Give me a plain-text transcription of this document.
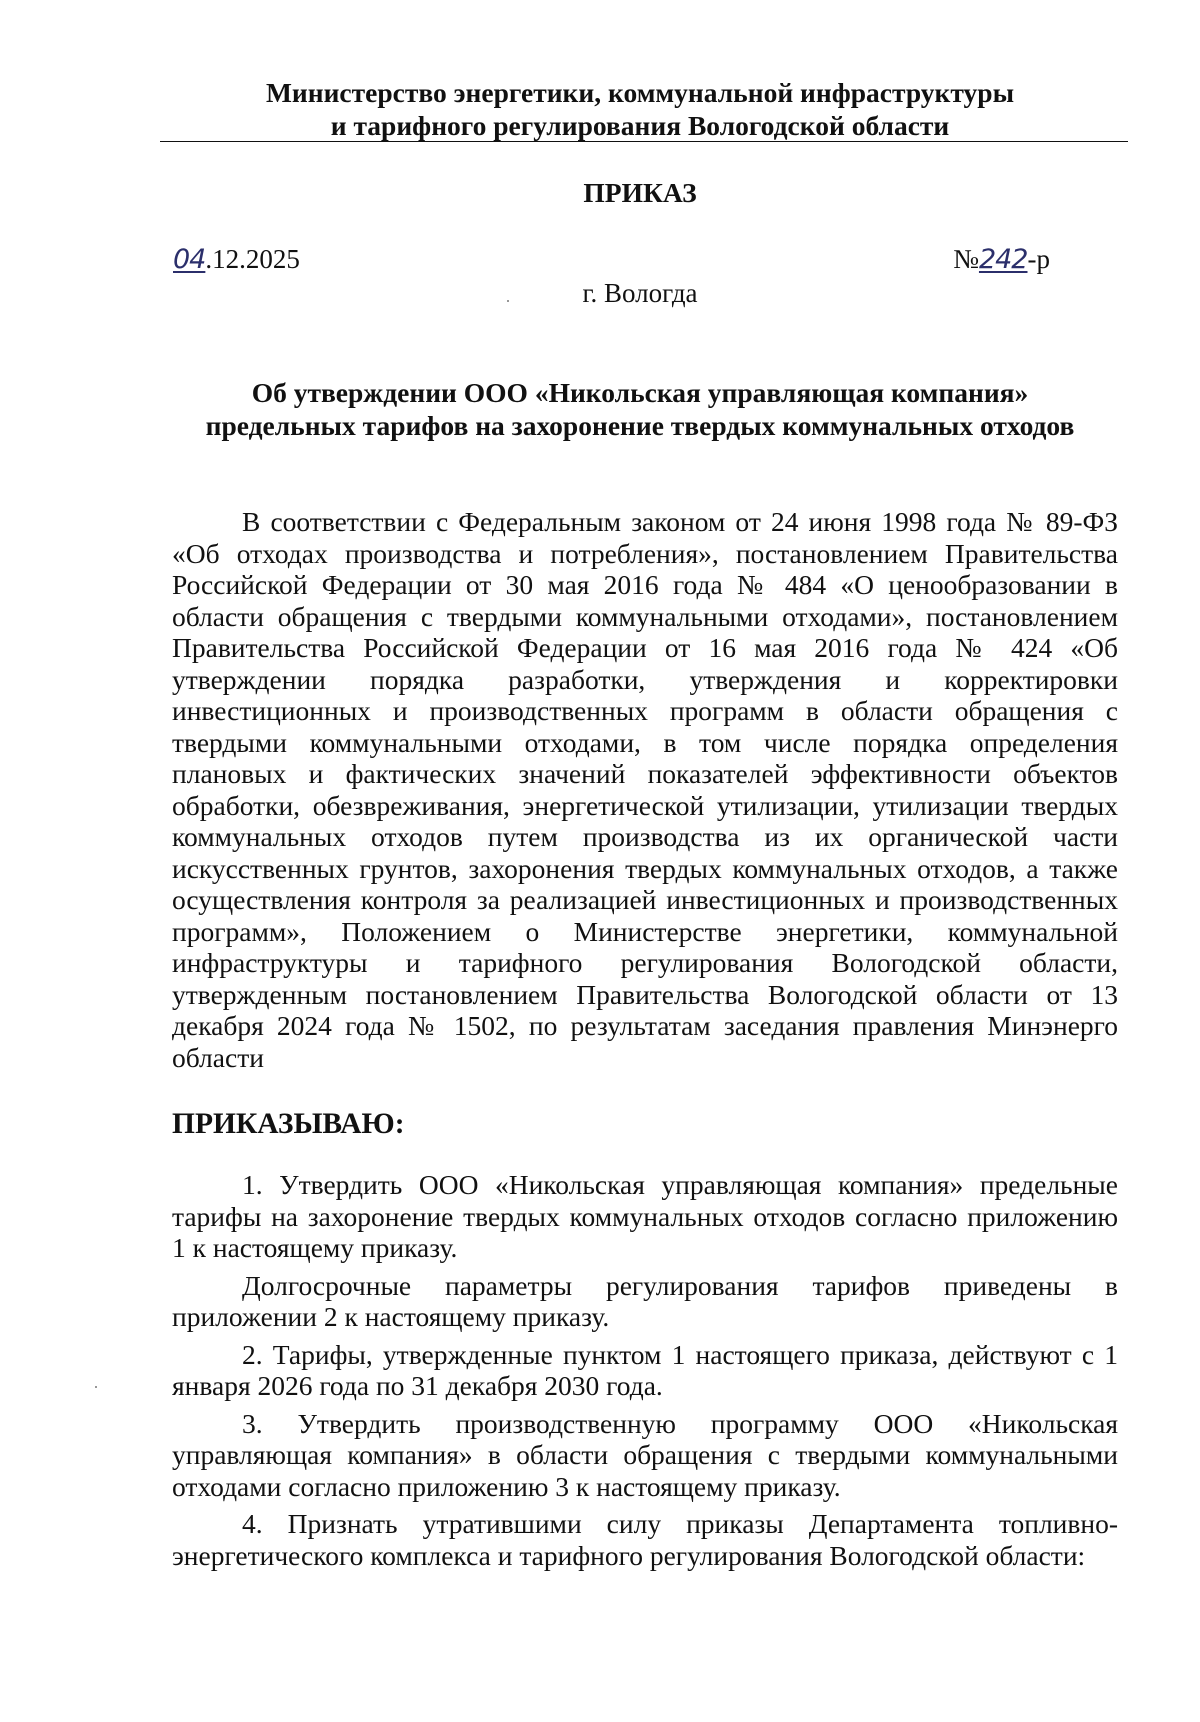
Министерство энергетики, коммунальной инфраструктуры
и тарифного регулирования Вологодской области
ПРИКАЗ
04.12.2025	№242-р
г. Вологда
Об утверждении ООО «Никольская управляющая компания»
предельных тарифов на захоронение твердых коммунальных отходов
В соответствии с Федеральным законом от 24 июня 1998 года № 89-ФЗ «Об отходах производства и потребления», постановлением Правительства Российской Федерации от 30 мая 2016 года № 484 «О ценообразовании в области обращения с твердыми коммунальными отходами», постановлением Правительства Российской Федерации от 16 мая 2016 года № 424 «Об утверждении порядка разработки, утверждения и корректировки инвестиционных и производственных программ в области обращения с твердыми коммунальными отходами, в том числе порядка определения плановых и фактических значений показателей эффективности объектов обработки, обезвреживания, энергетической утилизации, утилизации твердых коммунальных отходов путем производства из их органической части искусственных грунтов, захоронения твердых коммунальных отходов, а также осуществления контроля за реализацией инвестиционных и производственных программ», Положением о Министерстве энергетики, коммунальной инфраструктуры и тарифного регулирования Вологодской области, утвержденным постановлением Правительства Вологодской области от 13 декабря 2024 года № 1502, по результатам заседания правления Минэнерго области
ПРИКАЗЫВАЮ:

1. Утвердить ООО «Никольская управляющая компания» предельные тарифы на захоронение твердых коммунальных отходов согласно приложению 1 к настоящему приказу.

Долгосрочные параметры регулирования тарифов приведены в приложении 2 к настоящему приказу.

2. Тарифы, утвержденные пунктом 1 настоящего приказа, действуют с 1 января 2026 года по 31 декабря 2030 года.

3. Утвердить производственную программу ООО «Никольская управляющая компания» в области обращения с твердыми коммунальными отходами согласно приложению 3 к настоящему приказу.

4. Признать утратившими силу приказы Департамента топливно-энергетического комплекса и тарифного регулирования Вологодской области:
